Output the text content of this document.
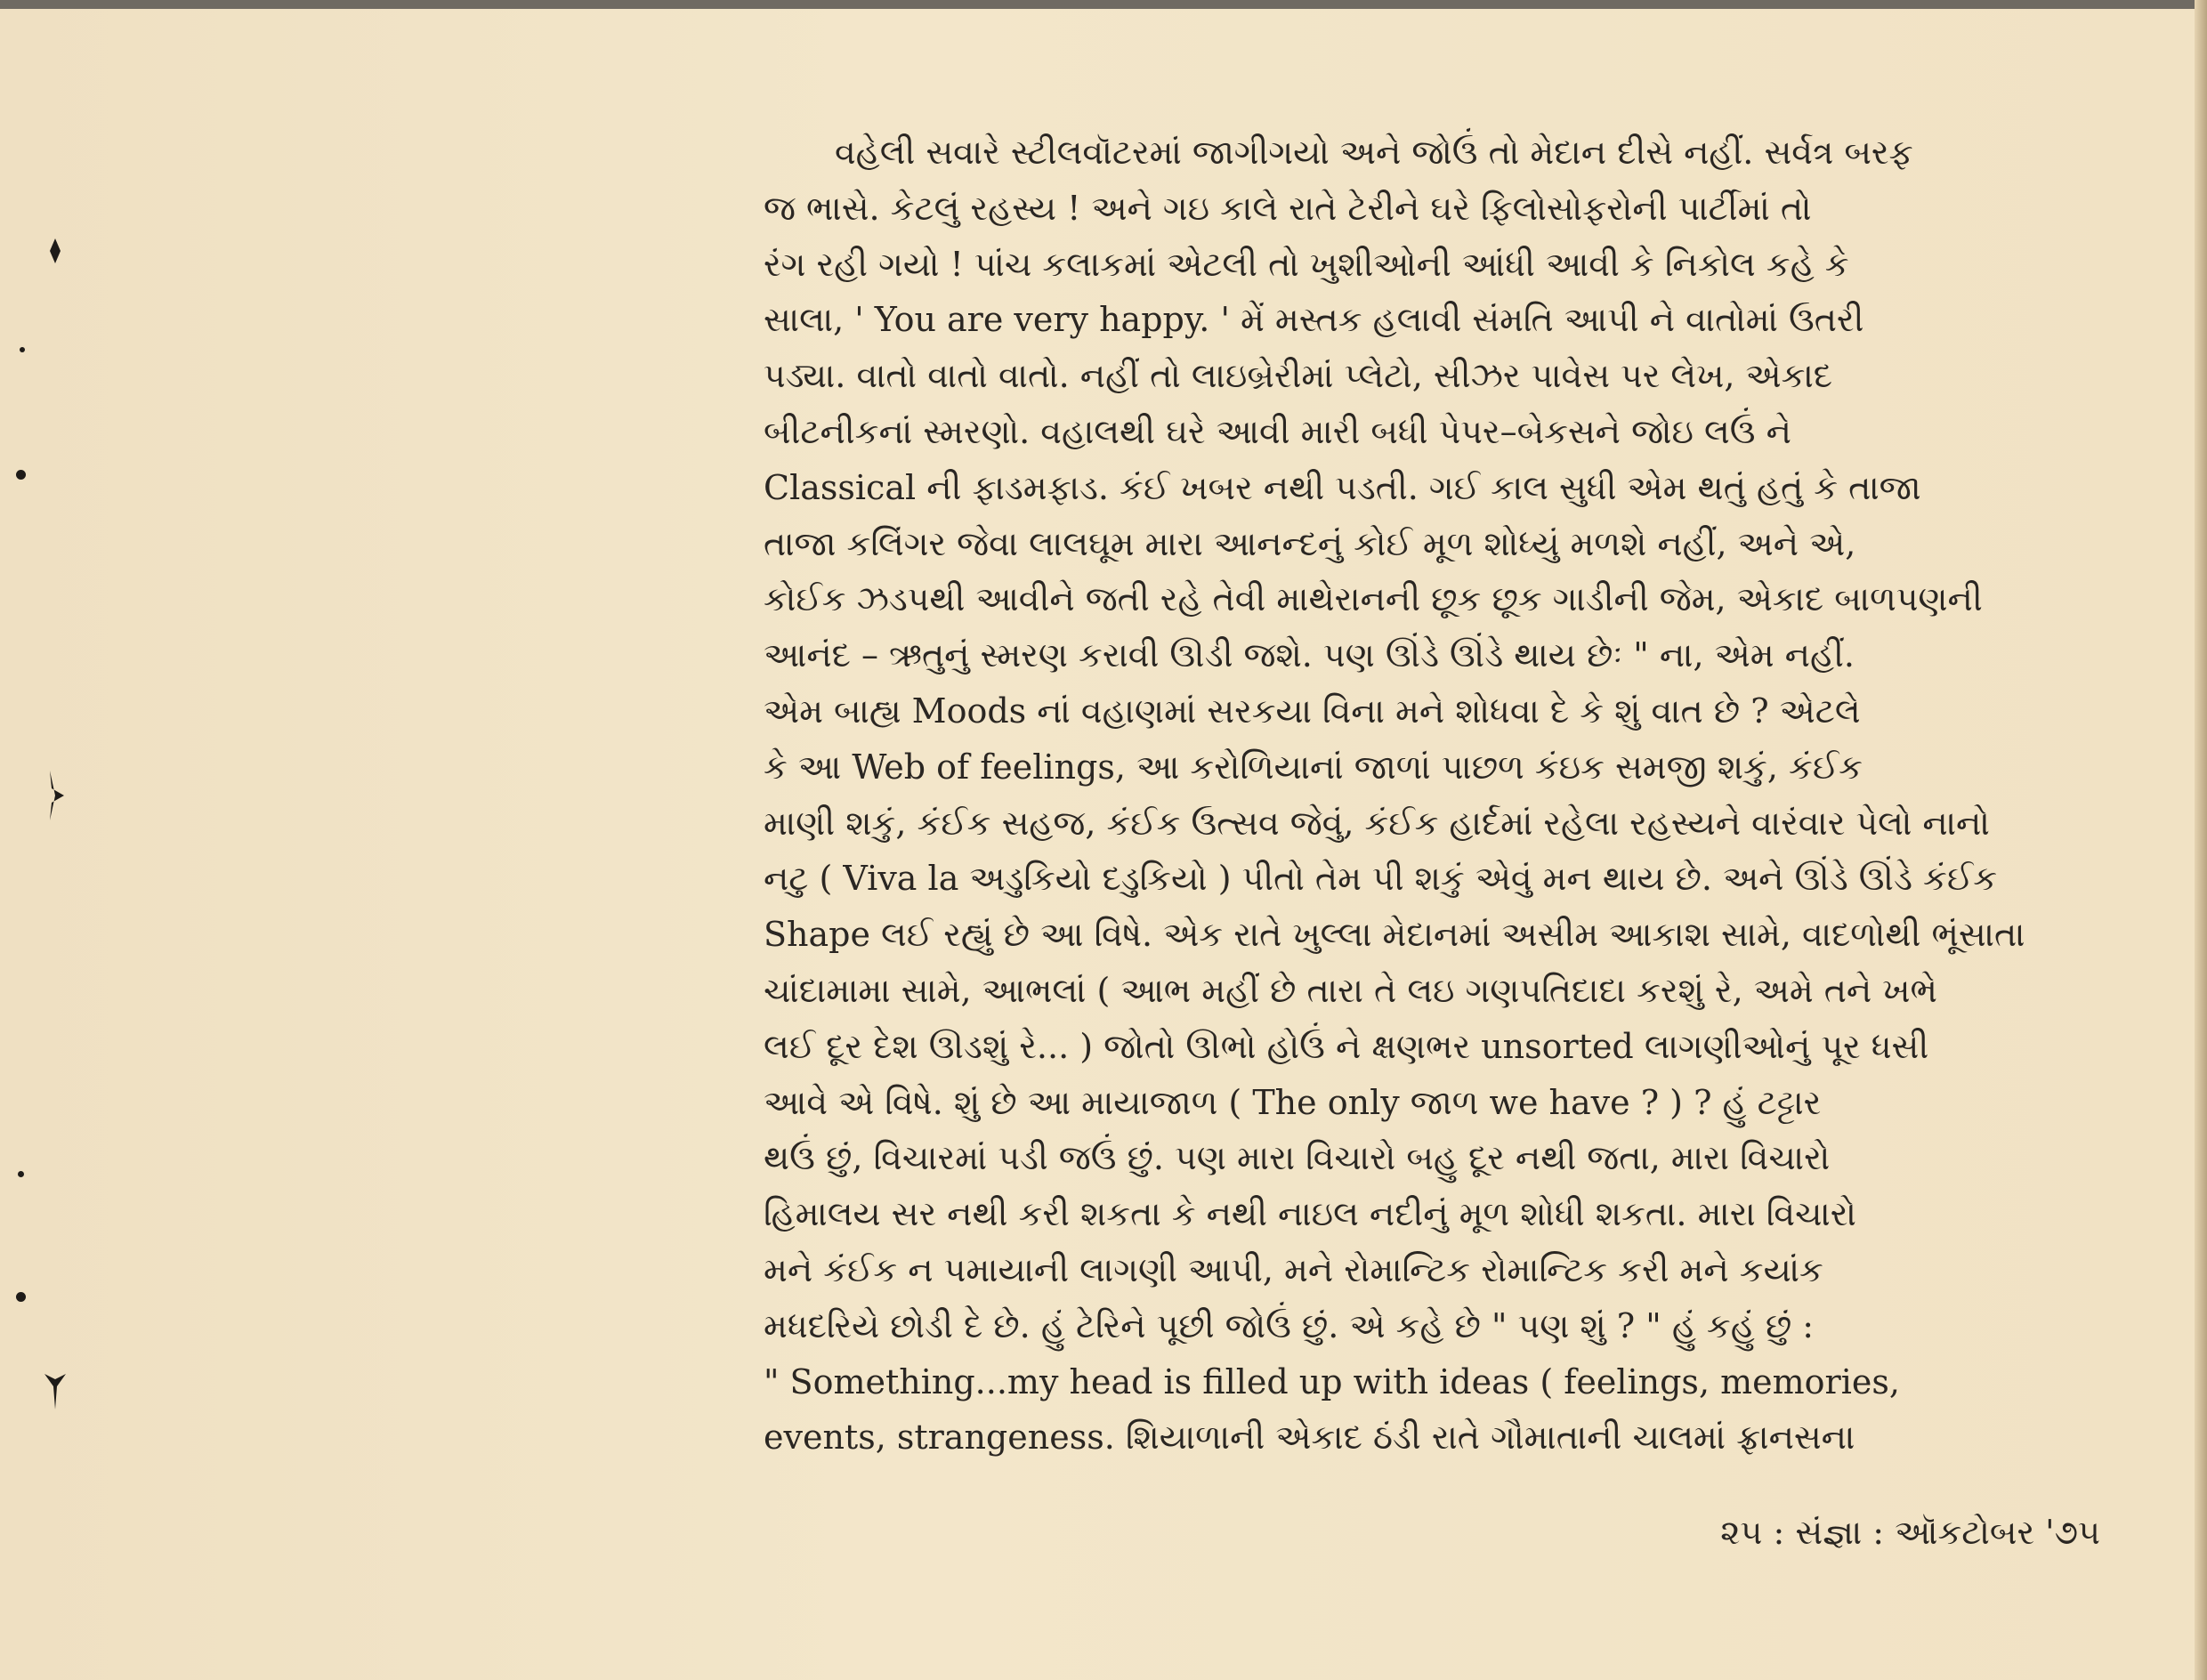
વહેલી સવારે સ્ટીલવૉટરમાં જાગીગયો અને જોઉં તો મેદાન દીસે નહીં. સર્વત્ર બરફ
જ ભાસે. કેટલું રહસ્ય ! અને ગઇ કાલે રાતે ટેરીને ઘરે ફિલોસોફરોની પાર્ટીમાં તો
રંગ રહી ગયો ! પાંચ કલાકમાં એટલી તો ખુશીઓની આંધી આવી કે નિકોલ કહે કે
સાલા, ' You are very happy. ' મેં મસ્તક હલાવી સંમતિ આપી ને વાતોમાં ઉતરી
પડ્યા. વાતો વાતો વાતો. નહીં તો લાઇબ્રેરીમાં પ્લેટો, સીઝર પાવેસ પર લેખ, એકાદ
બીટનીકનાં સ્મરણો. વહાલથી ઘરે આવી મારી બધી પેપર–બેકસને જોઇ લઉં ને
Classical ની ફાડમફાડ. કંઈ ખબર નથી પડતી. ગઈ કાલ સુધી એમ થતું હતું કે તાજા
તાજા કલિંગર જેવા લાલઘૂમ મારા આનન્દનું કોઈ મૂળ શોધ્યું મળશે નહીં, અને એ,
કોઈક ઝડપથી આવીને જતી રહે તેવી માથેરાનની છૂક છૂક ગાડીની જેમ, એકાદ બાળપણની
આનંદ – ઋતુનું સ્મરણ કરાવી ઊડી જશે. પણ ઊંડે ઊંડે થાય છેઃ " ના, એમ નહીં.
એમ બાહ્ય Moods નાં વહાણમાં સરકયા વિના મને શોધવા દે કે શું વાત છે ? એટલે
કે આ Web of feelings, આ કરોળિયાનાં જાળાં પાછળ કંઇક સમજી શકું, કંઈક
માણી શકું, કંઈક સહજ, કંઈક ઉત્સવ જેવું, કંઈક હાર્દમાં રહેલા રહસ્યને વારંવાર પેલો નાનો
નટુ ( Viva la અડુકિયો દડુકિયો ) પીતો તેમ પી શકું એવું મન થાય છે. અને ઊંડે ઊંડે કંઈક
Shape લઈ રહ્યું છે આ વિષે. એક રાતે ખુલ્લા મેદાનમાં અસીમ આકાશ સામે, વાદળોથી ભૂંસાતા
ચાંદામામા સામે, આભલાં ( આભ મહીં છે તારા તે લઇ ગણપતિદાદા કરશું રે, અમે તને ખભે
લઈ દૂર દેશ ઊડશું રે... ) જોતો ઊભો હોઉં ને ક્ષણભર unsorted લાગણીઓનું પૂર ધસી
આવે એ વિષે. શું છે આ માયાજાળ ( The only જાળ we have ? ) ? હું ટટ્ટાર
થઉં છું, વિચારમાં પડી જઉં છું. પણ મારા વિચારો બહુ દૂર નથી જતા, મારા વિચારો
હિમાલય સર નથી કરી શકતા કે નથી નાઇલ નદીનું મૂળ શોધી શકતા. મારા વિચારો
મને કંઈક ન પમાયાની લાગણી આપી, મને રોમાન્ટિક રોમાન્ટિક કરી મને કયાંક
મધદરિયે છોડી દે છે. હું ટેરિને પૂછી જોઉં છું. એ કહે છે " પણ શું ? " હું કહું છું :
" Something...my head is filled up with ideas ( feelings, memories,
events, strangeness. શિયાળાની એકાદ ઠંડી રાતે ગૌમાતાની ચાલમાં ફ્રાનસના
૨૫ : સંજ્ઞા : ઑકટોબર '૭૫
